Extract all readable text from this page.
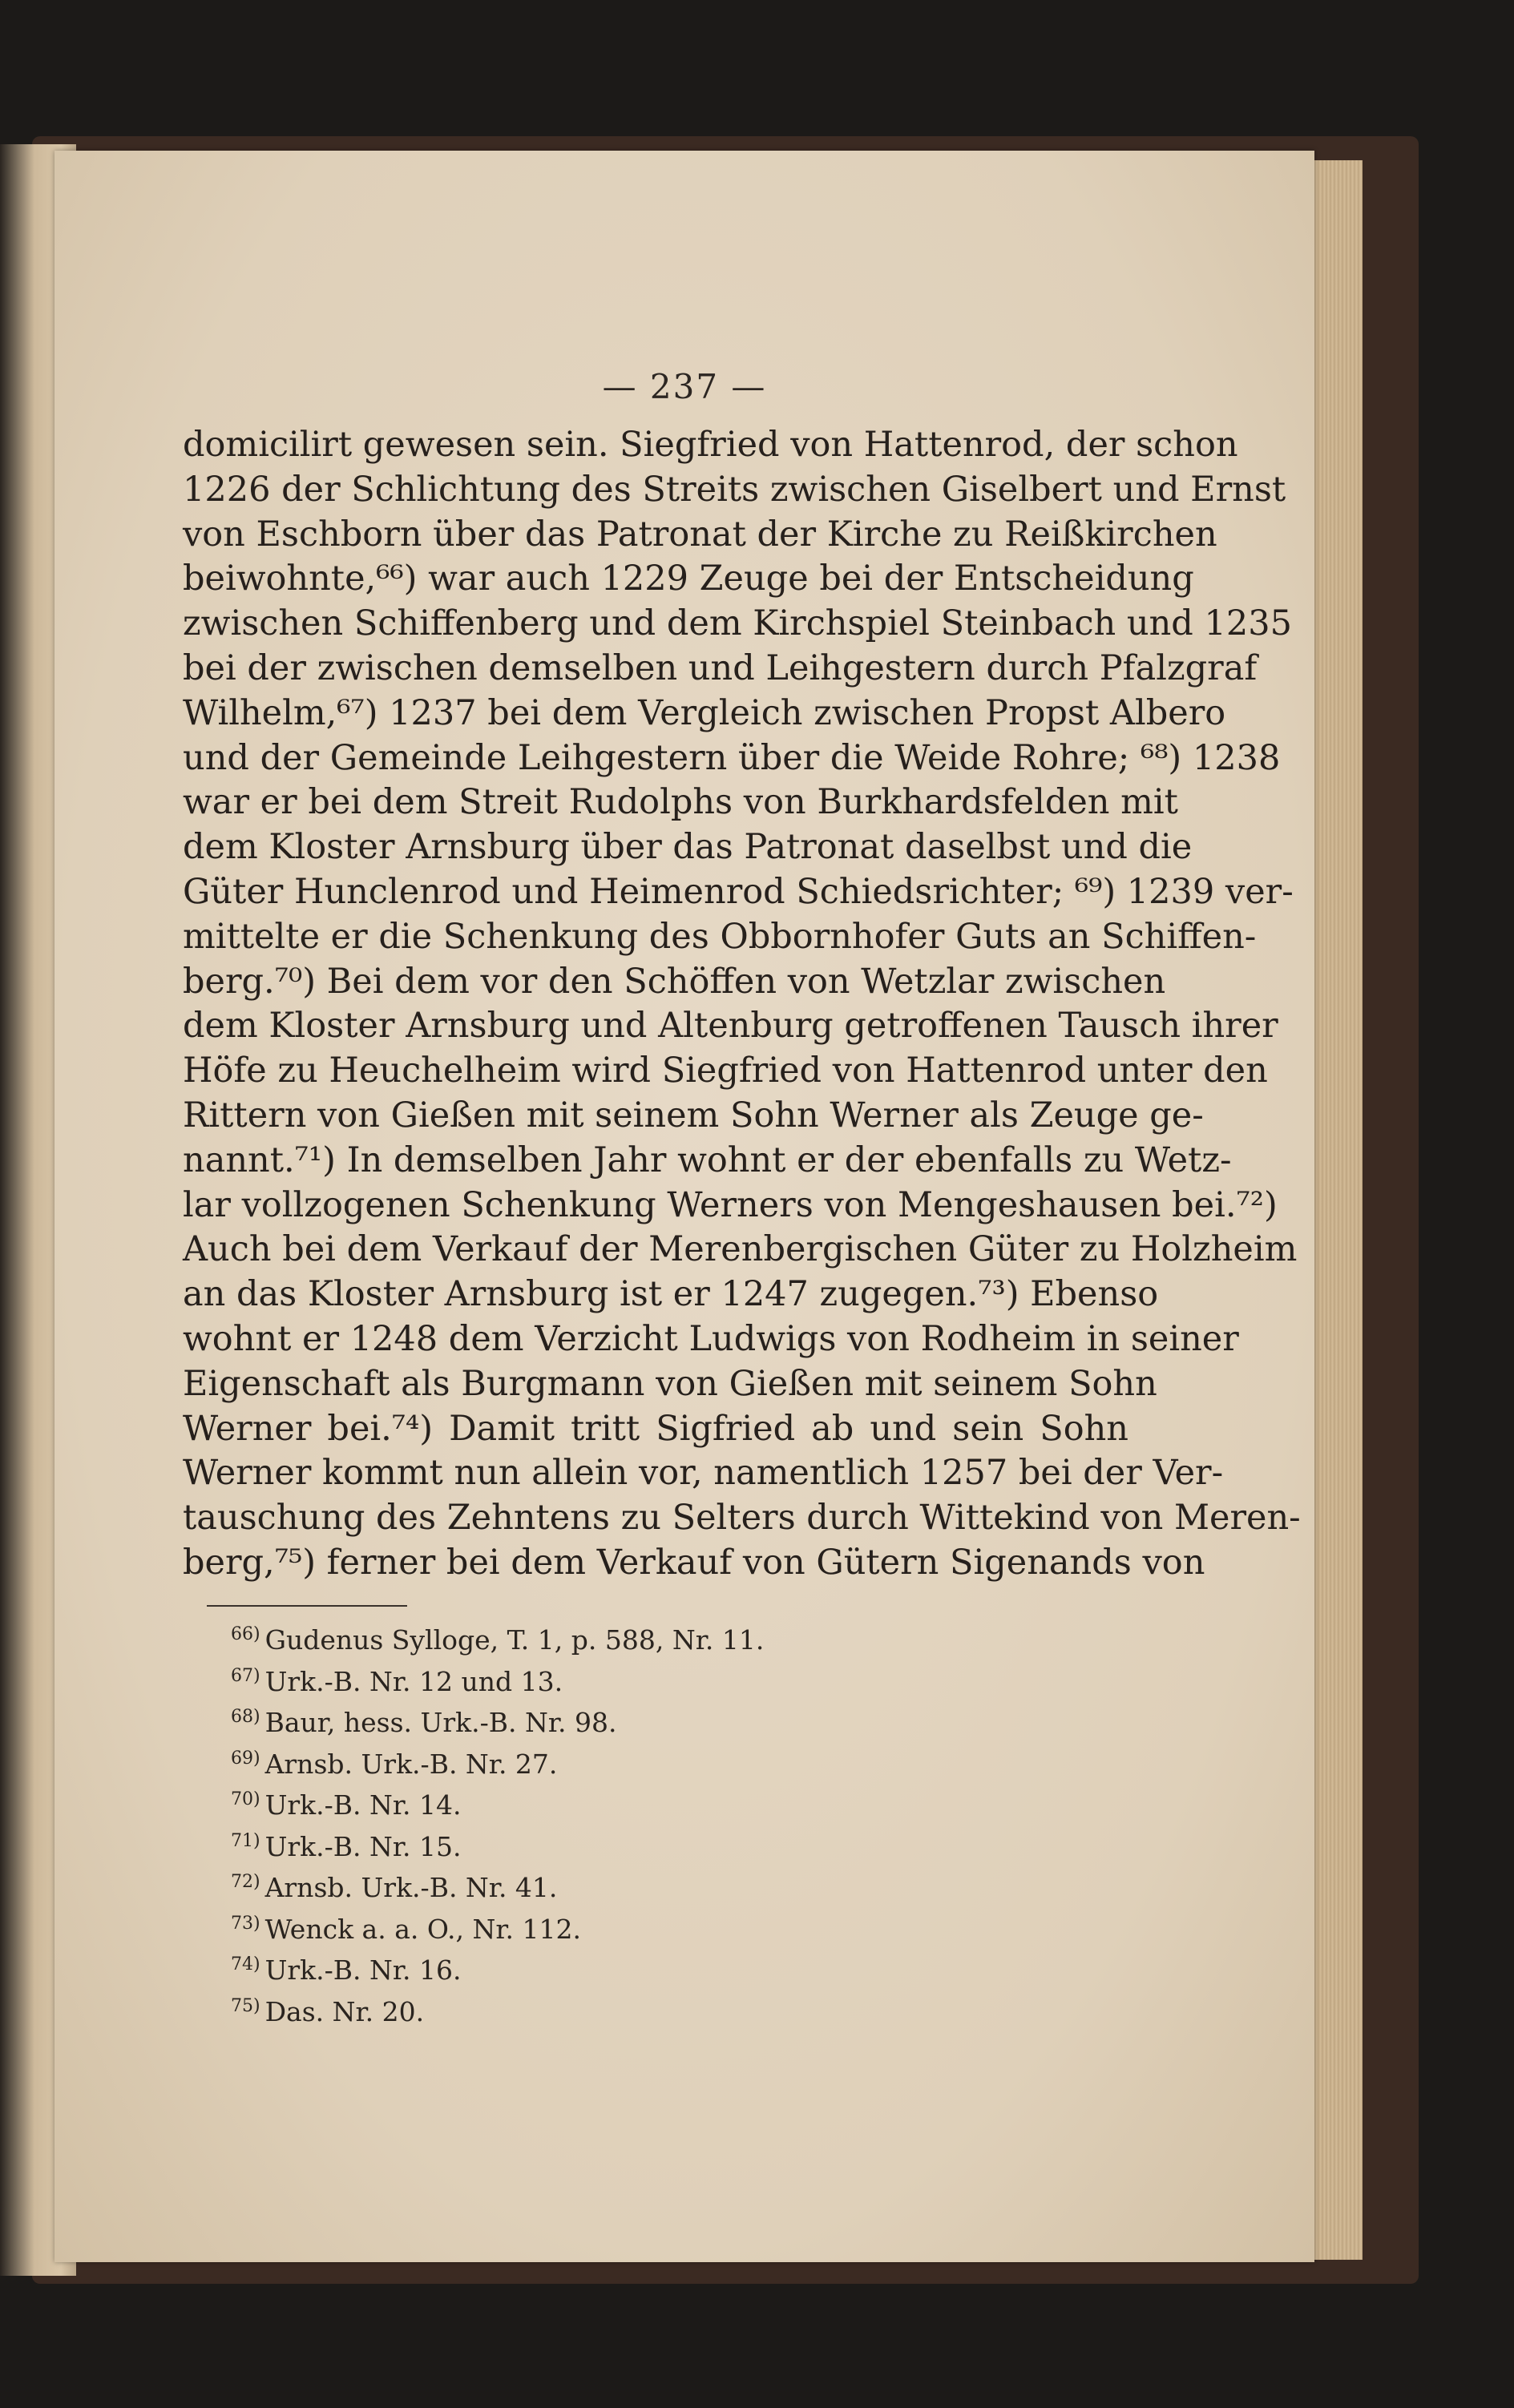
— 237 —
domicilirt gewesen sein. Siegfried von Hattenrod, der schon
1226 der Schlichtung des Streits zwischen Giselbert und Ernst
von Eschborn über das Patronat der Kirche zu Reißkirchen
beiwohnte,⁶⁶) war auch 1229 Zeuge bei der Entscheidung
zwischen Schiffenberg und dem Kirchspiel Steinbach und 1235
bei der zwischen demselben und Leihgestern durch Pfalzgraf
Wilhelm,⁶⁷) 1237 bei dem Vergleich zwischen Propst Albero
und der Gemeinde Leihgestern über die Weide Rohre; ⁶⁸) 1238
war er bei dem Streit Rudolphs von Burkhardsfelden mit
dem Kloster Arnsburg über das Patronat daselbst und die
Güter Hunclenrod und Heimenrod Schiedsrichter; ⁶⁹) 1239 ver-
mittelte er die Schenkung des Obbornhofer Guts an Schiffen-
berg.⁷⁰) Bei dem vor den Schöffen von Wetzlar zwischen
dem Kloster Arnsburg und Altenburg getroffenen Tausch ihrer
Höfe zu Heuchelheim wird Siegfried von Hattenrod unter den
Rittern von Gießen mit seinem Sohn Werner als Zeuge ge-
nannt.⁷¹) In demselben Jahr wohnt er der ebenfalls zu Wetz-
lar vollzogenen Schenkung Werners von Mengeshausen bei.⁷²)
Auch bei dem Verkauf der Merenbergischen Güter zu Holzheim
an das Kloster Arnsburg ist er 1247 zugegen.⁷³) Ebenso
wohnt er 1248 dem Verzicht Ludwigs von Rodheim in seiner
Eigenschaft als Burgmann von Gießen mit seinem Sohn
Werner bei.⁷⁴) Damit tritt Sigfried ab und sein Sohn
Werner kommt nun allein vor, namentlich 1257 bei der Ver-
tauschung des Zehntens zu Selters durch Wittekind von Meren-
berg,⁷⁵) ferner bei dem Verkauf von Gütern Sigenands von
$^{66)}$ Gudenus Sylloge, T. 1, p. 588, Nr. 11.
$^{67)}$ Urk.-B. Nr. 12 und 13.
$^{68)}$ Baur, hess. Urk.-B. Nr. 98.
$^{69)}$ Arnsb. Urk.-B. Nr. 27.
$^{70)}$ Urk.-B. Nr. 14.
$^{71)}$ Urk.-B. Nr. 15.
$^{72)}$ Arnsb. Urk.-B. Nr. 41.
$^{73)}$ Wenck a. a. O., Nr. 112.
$^{74)}$ Urk.-B. Nr. 16.
$^{75)}$ Das. Nr. 20.
